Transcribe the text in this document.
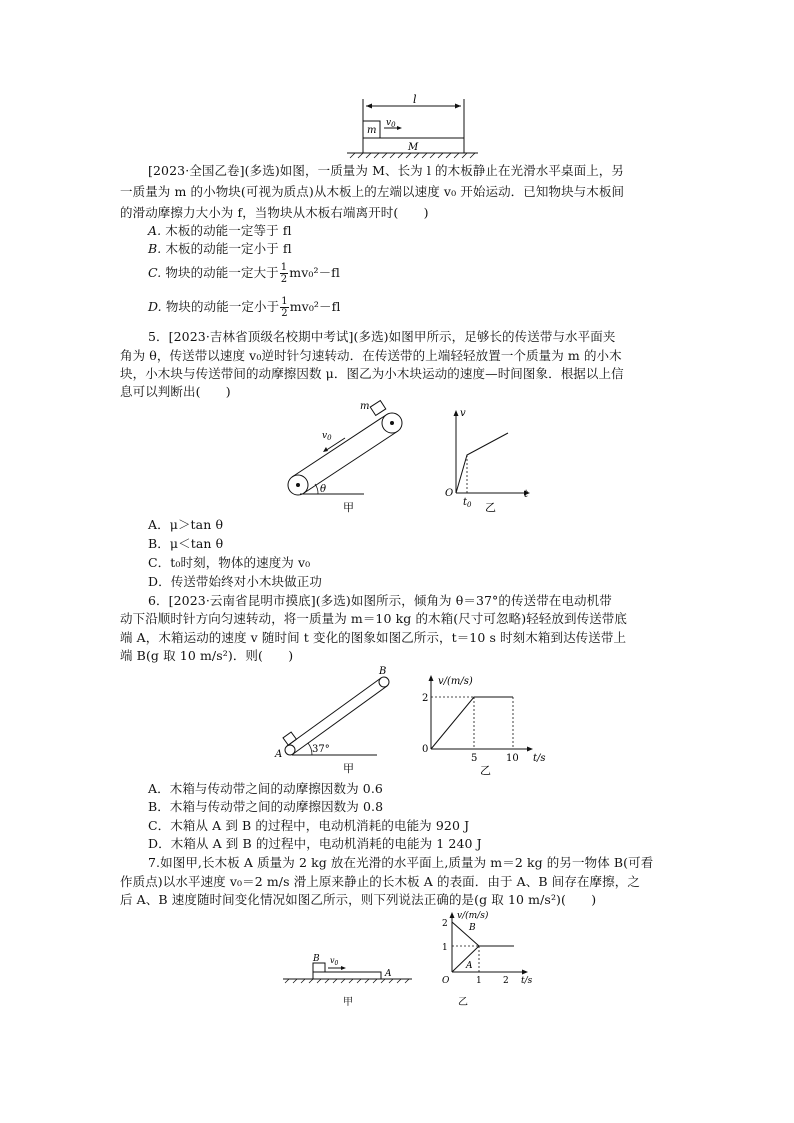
l
m
$v_0$
M
[2023·全国乙卷](多选)如图，一质量为 M、长为 l 的木板静止在光滑水平桌面上，另
一质量为 m 的小物块(可视为质点)从木板上的左端以速度 v₀ 开始运动．已知物块与木板间
的滑动摩擦力大小为 f，当物块从木板右端离开时(　　)
A. 木板的动能一定等于 fl
B. 木板的动能一定小于 fl
C. 物块的动能一定大于 $\frac{1}{2} mv_0^2-fl$
D. 物块的动能一定小于 $\frac{1}{2} mv_0^2-fl$
5．[2023·吉林省顶级名校期中考试](多选)如图甲所示，足够长的传送带与水平面夹
角为 θ，传送带以速度 v₀逆时针匀速转动．在传送带的上端轻轻放置一个质量为 m 的小木
块，小木块与传送带间的动摩擦因数 μ．图乙为小木块运动的速度—时间图象．根据以上信
息可以判断出(　　)
m
$v_0$
θ
甲
v
O
$t_0$
t
乙
A．μ＞tan θ
B．μ＜tan θ
C．t₀时刻，物体的速度为 v₀
D．传送带始终对小木块做正功
6．[2023·云南省昆明市摸底](多选)如图所示，倾角为 θ＝37°的传送带在电动机带
动下沿顺时针方向匀速转动，将一质量为 m＝10 kg 的木箱(尺寸可忽略)轻轻放到传送带底
端 A，木箱运动的速度 v 随时间 t 变化的图象如图乙所示，t＝10 s 时刻木箱到达传送带上
端 B(g 取 10 m/s²)．则(　　)
A
B
37°
甲
v/(m/s)
2
0
5	10 t/s
乙
A．木箱与传动带之间的动摩擦因数为 0.6
B．木箱与传动带之间的动摩擦因数为 0.8
C．木箱从 A 到 B 的过程中，电动机消耗的电能为 920 J
D．木箱从 A 到 B 的过程中，电动机消耗的电能为 1 240 J
7.如图甲,长木板 A 质量为 2 kg 放在光滑的水平面上,质量为 m＝2 kg 的另一物体 B(可看
作质点)以水平速度 v₀＝2 m/s 滑上原来静止的长木板 A 的表面．由于 A、B 间存在摩擦，之
后 A、B 速度随时间变化情况如图乙所示，则下列说法正确的是(g 取 10 m/s²)(　　)
B $v_0$
A
甲
v/(m/s)
2
1
O
B
A
1 2 t/s
乙
